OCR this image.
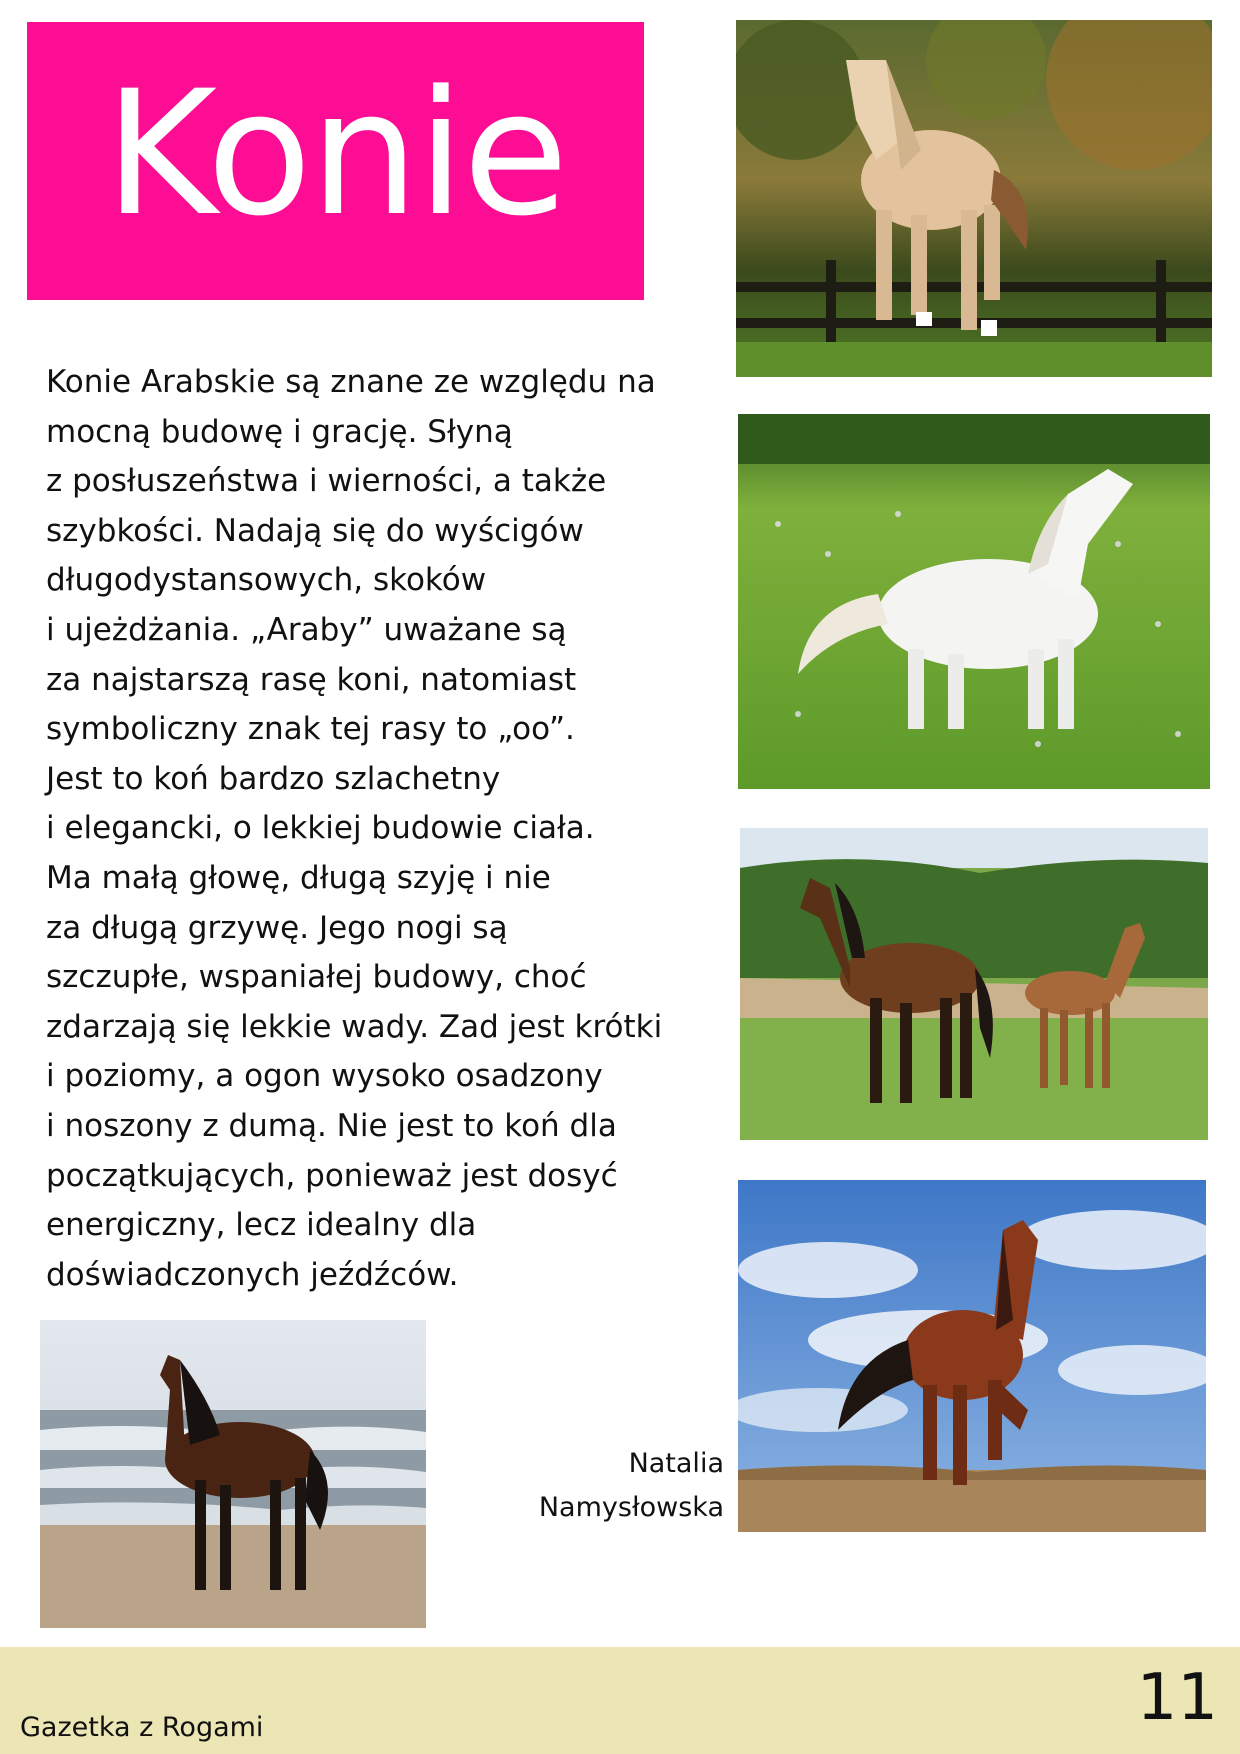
Konie
Konie Arabskie są znane ze względu na
mocną budowę i grację. Słyną
z posłuszeństwa i wierności, a także
szybkości. Nadają się do wyścigów
długodystansowych, skoków
i ujeżdżania. „Araby” uważane są
za najstarszą rasę koni, natomiast
symboliczny znak tej rasy to „oo”.
Jest to koń bardzo szlachetny
i elegancki, o lekkiej budowie ciała.
Ma małą głowę, długą szyję i nie
za długą grzywę. Jego nogi są
szczupłe, wspaniałej budowy, choć
zdarzają się lekkie wady. Zad jest krótki
i poziomy, a ogon wysoko osadzony
i noszony z dumą. Nie jest to koń dla
początkujących, ponieważ jest dosyć
energiczny, lecz idealny dla
doświadczonych jeźdźców.
Natalia
Namysłowska
Gazetka z Rogami	11
